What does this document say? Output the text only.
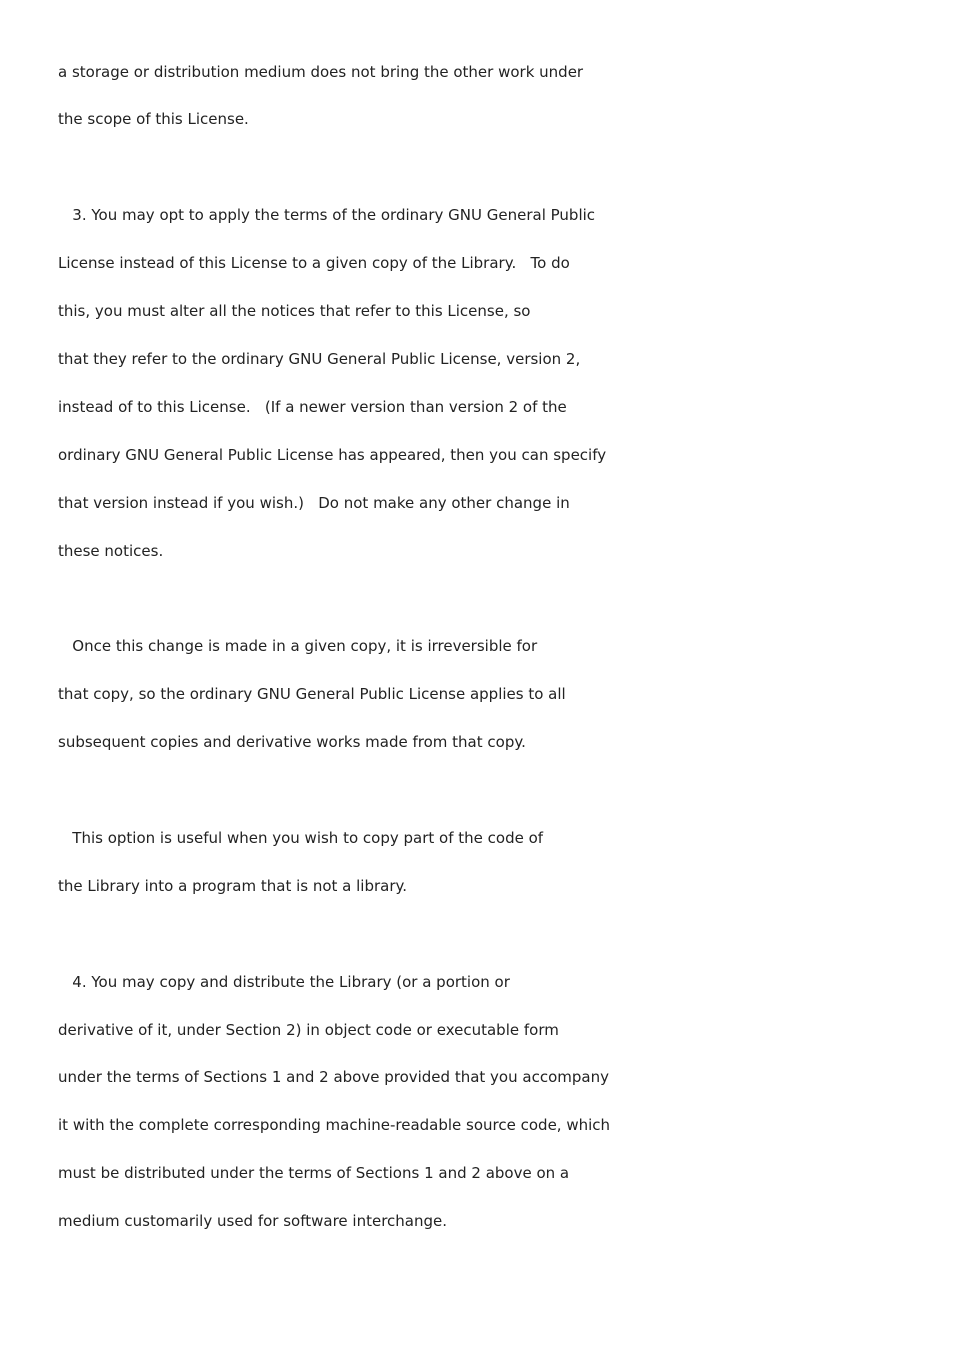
a storage or distribution medium does not bring the other work under
the scope of this License.
3. You may opt to apply the terms of the ordinary GNU General Public
License instead of this License to a given copy of the Library.   To do
this, you must alter all the notices that refer to this License, so
that they refer to the ordinary GNU General Public License, version 2,
instead of to this License.   (If a newer version than version 2 of the
ordinary GNU General Public License has appeared, then you can specify
that version instead if you wish.)   Do not make any other change in
these notices.
Once this change is made in a given copy, it is irreversible for
that copy, so the ordinary GNU General Public License applies to all
subsequent copies and derivative works made from that copy.
This option is useful when you wish to copy part of the code of
the Library into a program that is not a library.
4. You may copy and distribute the Library (or a portion or
derivative of it, under Section 2) in object code or executable form
under the terms of Sections 1 and 2 above provided that you accompany
it with the complete corresponding machine-readable source code, which
must be distributed under the terms of Sections 1 and 2 above on a
medium customarily used for software interchange.
